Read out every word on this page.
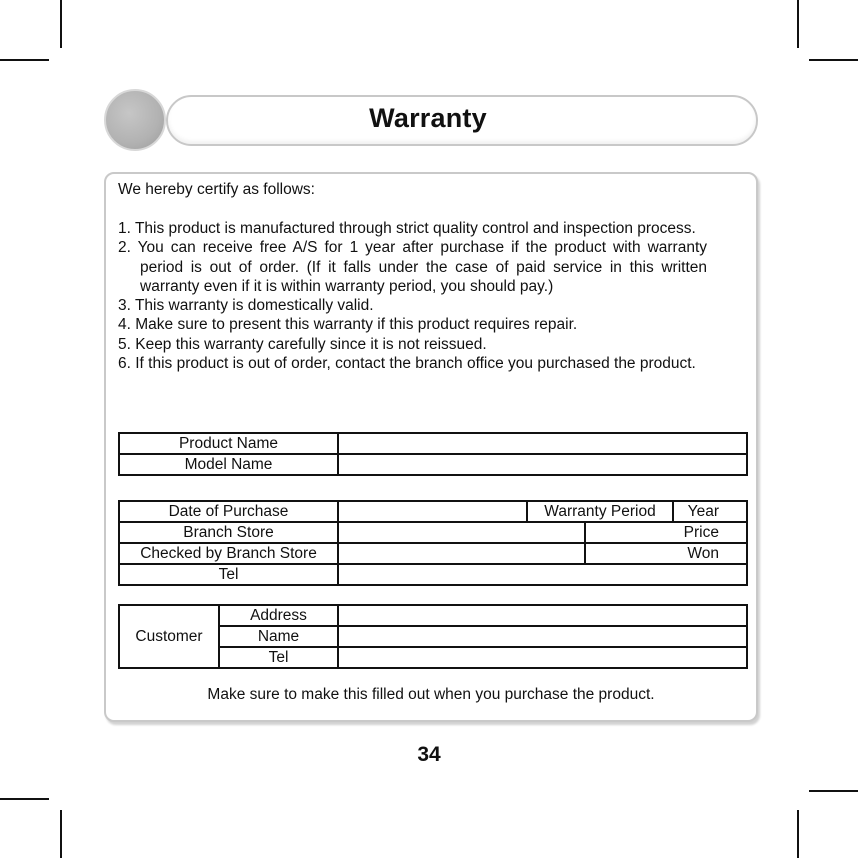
Warranty
We hereby certify as follows:
1. This product is manufactured through strict quality control and inspection process.
2. You can receive free A/S for 1 year after purchase if the product with warranty period is out of order. (If it falls under the case of paid service in this written warranty even if it is within warranty period, you should pay.)
3. This warranty is domestically valid.
4. Make sure to present this warranty if this product requires repair.
5. Keep this warranty carefully since it is not reissued.
6. If this product is out of order, contact the branch office you purchased the product.
Product Name	
Model Name	
Date of Purchase		Warranty Period		Year
Branch Store			Price	
Checked by Branch Store			Won	
Tel				
Customer	Address	
	Name	
	Tel	
Make sure to make this filled out when you purchase the product.
34
